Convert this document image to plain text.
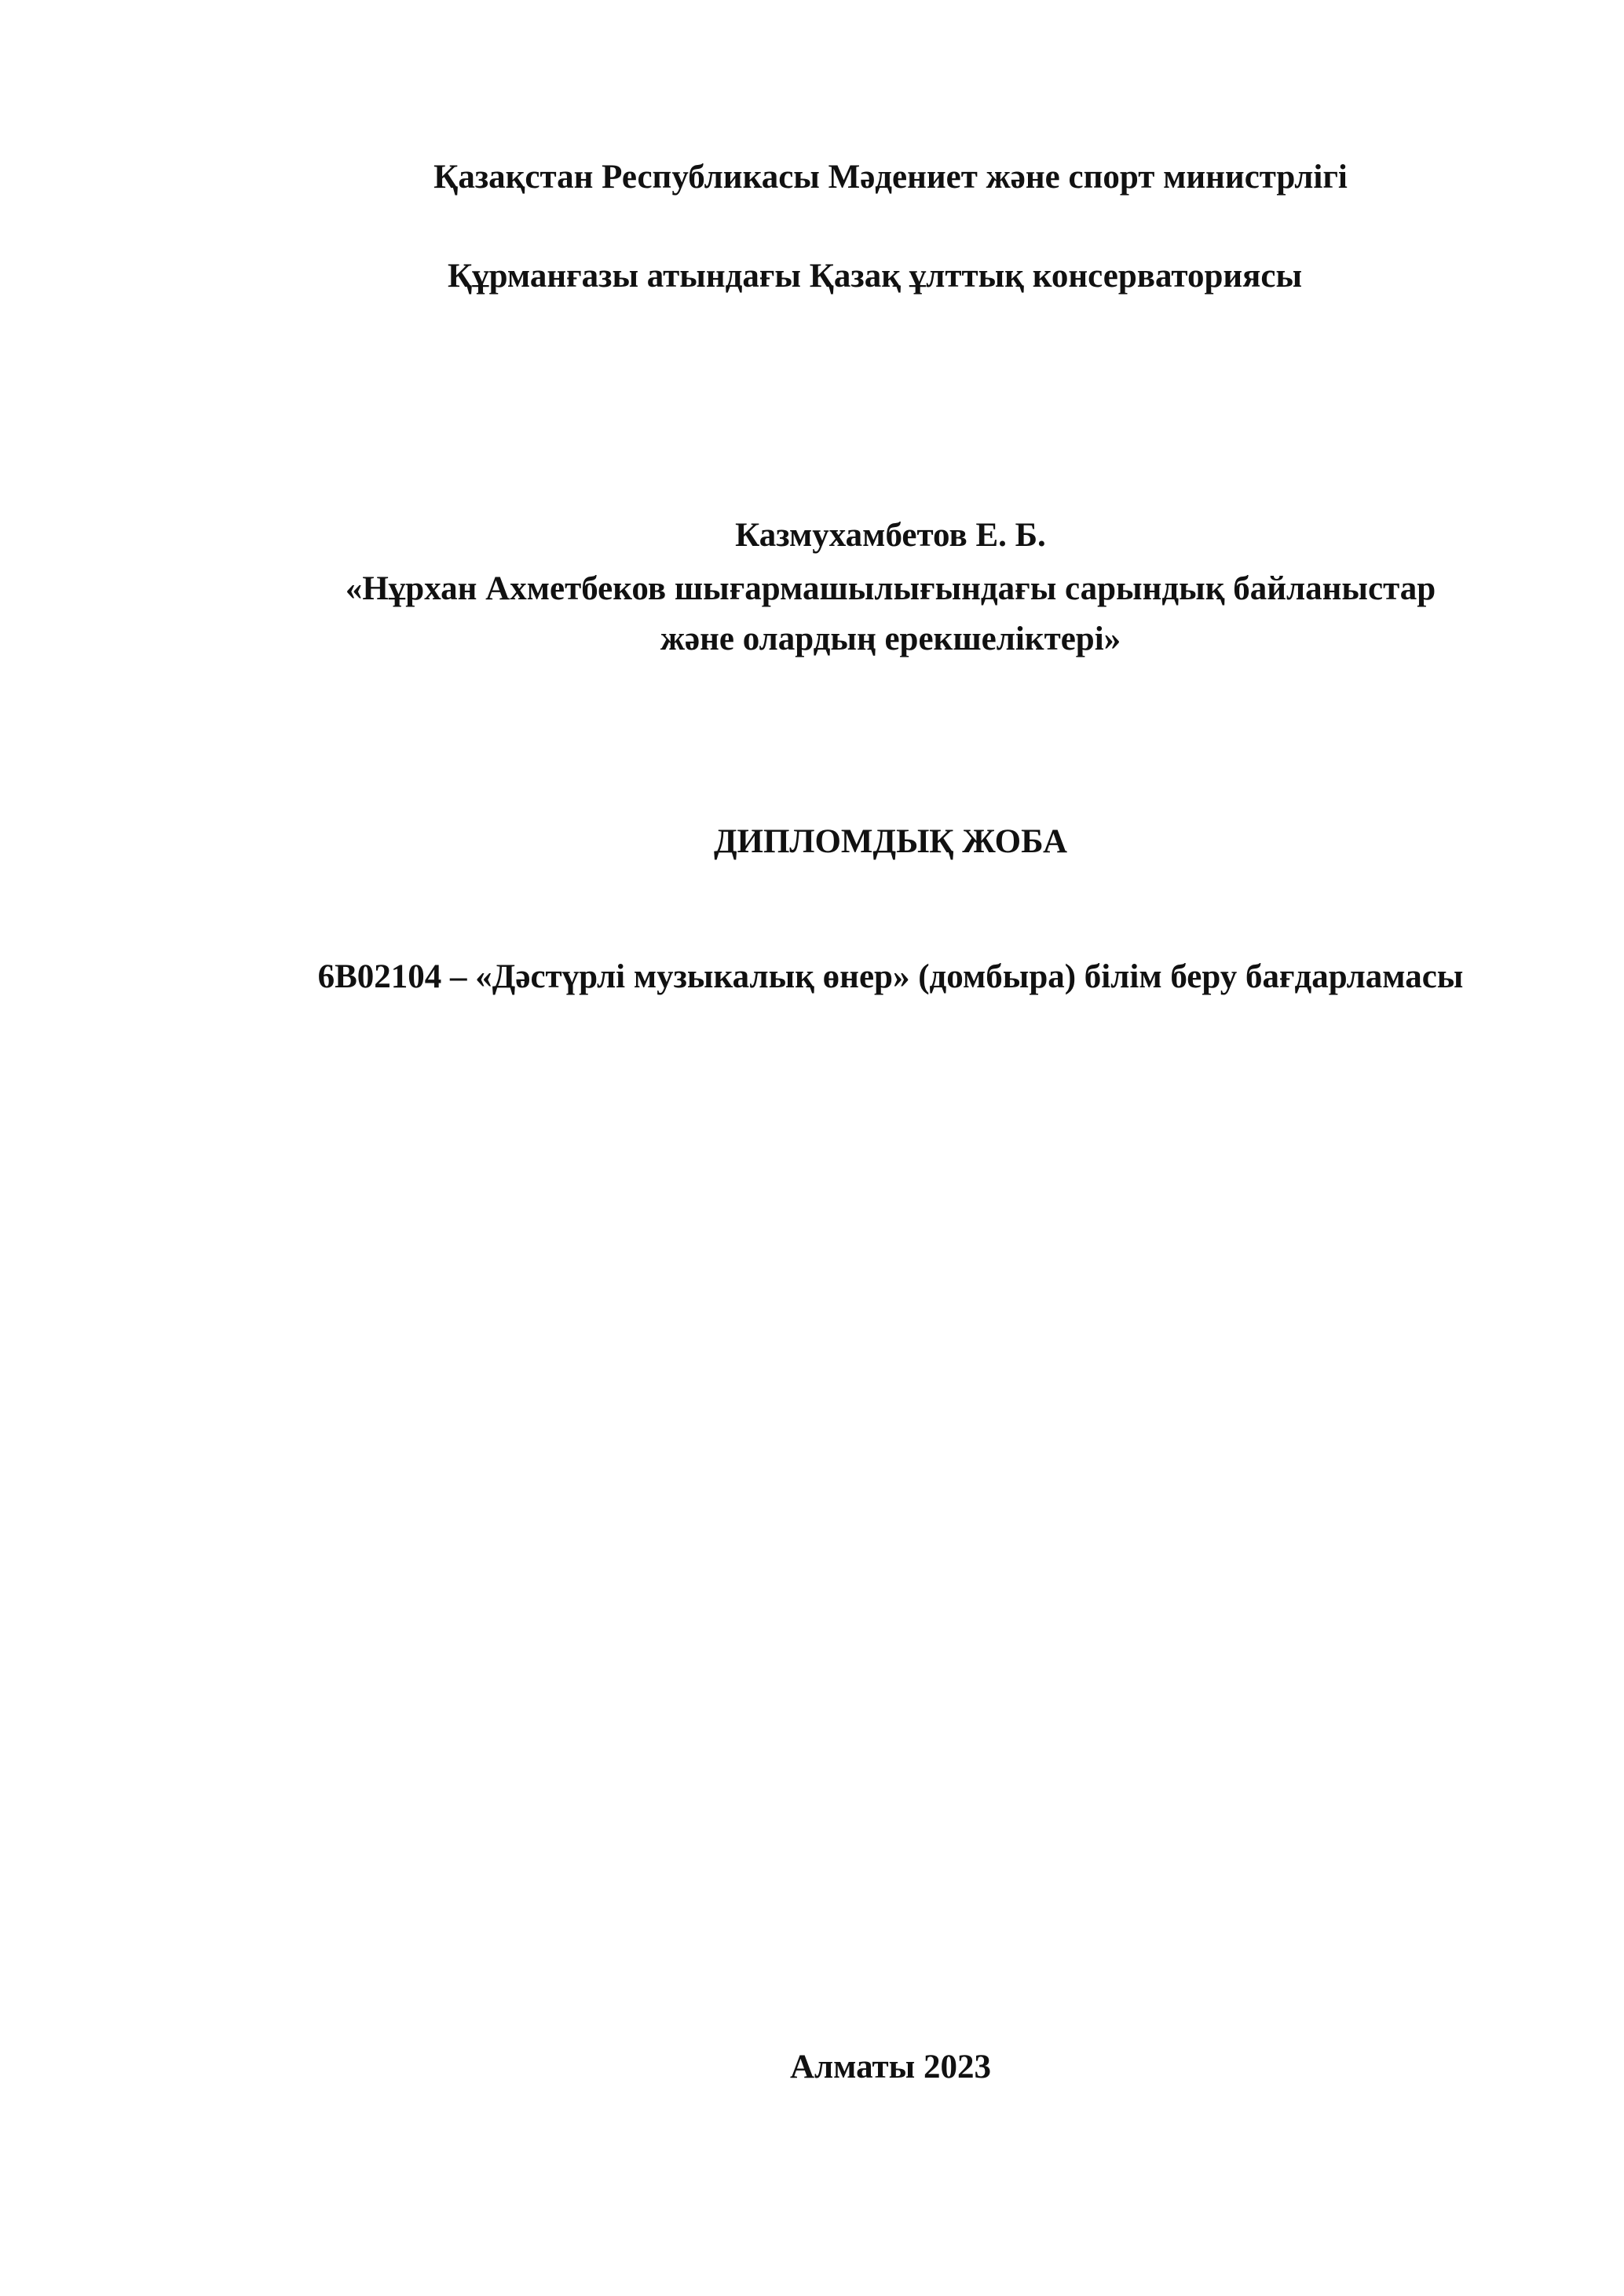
Қазақстан Республикасы Мәдениет және спорт министрлігі
Құрманғазы атындағы Қазақ ұлттық консерваториясы
Казмухамбетов Е. Б.
«Нұрхан Ахметбеков шығармашылығындағы сарындық байланыстар
және олардың ерекшеліктері»
ДИПЛОМДЫҚ ЖОБА
6В02104 – «Дәстүрлі музыкалық өнер» (домбыра) білім беру бағдарламасы
Алматы 2023
